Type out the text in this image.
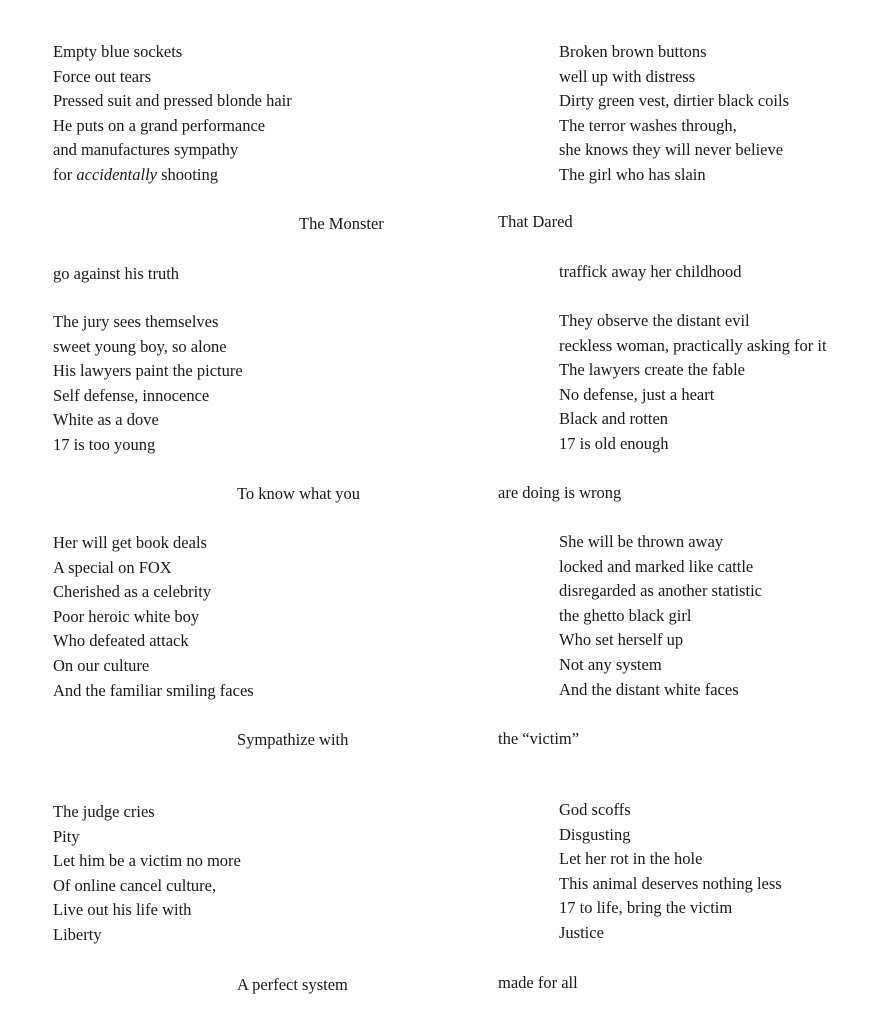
Empty blue sockets
Force out tears
Pressed suit and pressed blonde hair
He puts on a grand performance
and manufactures sympathy
for accidentally shooting
Broken brown buttons
well up with distress
Dirty green vest, dirtier black coils
The terror washes through,
she knows they will never believe
The girl who has slain
The Monster	That Dared
go against his truth	traffick away her childhood
The jury sees themselves
sweet young boy, so alone
His lawyers paint the picture
Self defense, innocence
White as a dove
17 is too young
They observe the distant evil
reckless woman, practically asking for it
The lawyers create the fable
No defense, just a heart
Black and rotten
17 is old enough
To know what you	are doing is wrong
Her will get book deals
A special on FOX
Cherished as a celebrity
Poor heroic white boy
Who defeated attack
On our culture
And the familiar smiling faces
She will be thrown away
locked and marked like cattle
disregarded as another statistic
the ghetto black girl
Who set herself up
Not any system
And the distant white faces
Sympathize with	the “victim”
The judge cries
Pity
Let him be a victim no more
Of online cancel culture,
Live out his life with
Liberty
God scoffs
Disgusting
Let her rot in the hole
This animal deserves nothing less
17 to life, bring the victim
Justice
A perfect system	made for all
